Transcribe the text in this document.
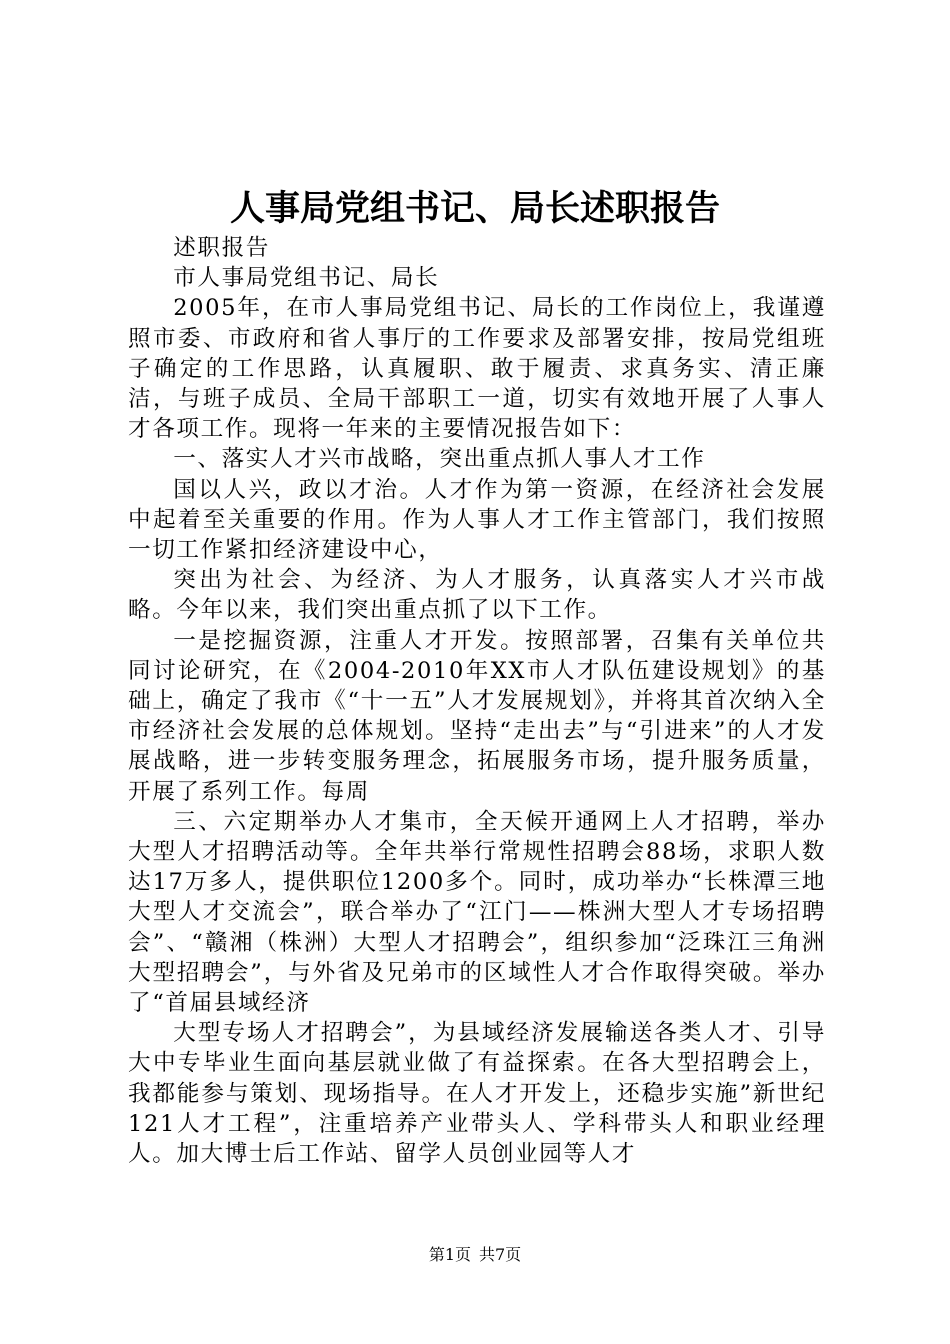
人事局党组书记、局长述职报告

述职报告

市人事局党组书记、局长

2005年，在市人事局党组书记、局长的工作岗位上，我谨遵照市委、市政府和省人事厅的工作要求及部署安排，按局党组班子确定的工作思路，认真履职、敢于履责、求真务实、清正廉洁，与班子成员、全局干部职工一道，切实有效地开展了人事人才各项工作。现将一年来的主要情况报告如下：

一、落实人才兴市战略，突出重点抓人事人才工作

国以人兴，政以才治。人才作为第一资源，在经济社会发展中起着至关重要的作用。作为人事人才工作主管部门，我们按照一切工作紧扣经济建设中心，

突出为社会、为经济、为人才服务，认真落实人才兴市战略。今年以来，我们突出重点抓了以下工作。

一是挖掘资源，注重人才开发。按照部署，召集有关单位共同讨论研究，在《2004-2010年XX市人才队伍建设规划》的基础上，确定了我市《“十一五”人才发展规划》，并将其首次纳入全市经济社会发展的总体规划。坚持“走出去”与“引进来”的人才发展战略，进一步转变服务理念，拓展服务市场，提升服务质量，开展了系列工作。每周

三、六定期举办人才集市，全天候开通网上人才招聘，举办大型人才招聘活动等。全年共举行常规性招聘会88场，求职人数达17万多人，提供职位1200多个。同时，成功举办“长株潭三地大型人才交流会”，联合举办了“江门——株洲大型人才专场招聘会”、“赣湘（株洲）大型人才招聘会”，组织参加“泛珠江三角洲大型招聘会”，与外省及兄弟市的区域性人才合作取得突破。举办了“首届县域经济

大型专场人才招聘会”，为县域经济发展输送各类人才、引导大中专毕业生面向基层就业做了有益探索。在各大型招聘会上，我都能参与策划、现场指导。在人才开发上，还稳步实施”新世纪121人才工程”，注重培养产业带头人、学科带头人和职业经理人。加大博士后工作站、留学人员创业园等人才

第1页 共7页
